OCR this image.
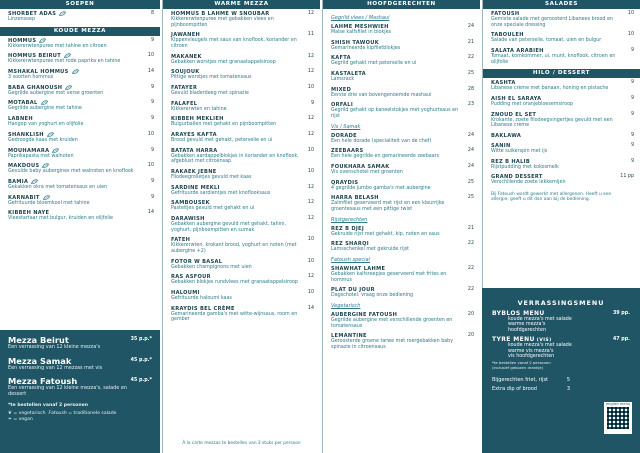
SOEPEN
SHORBET ADAS
Linzensoep
8
KOUDE MEZZA
HOMMUS
Kikkererwtenpuree met tahine en citroen
9
HOMMUS BEIRUT
Kikkererwtenpuree met rode paprika en tahine
10
MSHAKAL HOMMUS
3 soorten hommus
14
BABA GHANOUSH
Gegrilde aubergine met verse groenten
9
MOTABAL
Gegrilde aubergine met tahine
9
LABNEH
Hangop van yoghurt en olijfolie
9
SHANKLISH
Gedroogde kaas met kruiden
10
MOUHAMARA
Paprikapasta met walnoten
9
MAKDOUS
Gevulde baby aubergines met walnoten en knoflook
10
BAMIA
Gekakken okra met tomatensaus en uien
9
KARNABIT
Gefrituurde bloemkool met tahine
9
KIBBEH NAYE
Vleestartaar met bulgur, kruiden en olijfolie
14
Mezza Beirut
Een verrassing van 12 kleine mezza's
35 p.p.*
Mezza Samak
Een verrassing van 12 mezzas met vis
45 p.p.*
Mezza Fatoush
Een verrassing van 12 kleine mezza's, salade en dessert
45 p.p.*
*te bestellen vanaf 2 personen
❦ = vegetarisch Fatoush = traditionele salade
❧ = vegan
WARME MEZZA
HOMMUS B LAHME W SNOUBAR
Kikkererwtenpuree met gebakken vlees en pijnboompitten
12
JAWANEH
Kippenvleugels met saus van knoflook, koriander en citroen
11
MAKANEK
Gebakken worstjes met granaatappelsiroop
12
SOUJOUK
Pittige worstjes met tomatensaus
12
FATAYER
Gevuld bladerdeeg met spinazie
10
FALAFEL
Kikkererwten en tahine
9
KIBBEH MEKLIEH
Bulgurballen met gehakt en pijnboompitten
12
ARAYES KAFTA
Brood gevuld met gehakt, peterselie en ui
12
BATATA HARRA
Gebakken aardappelblokjes in koriander en knoflook, afgeblust met citroensap
10
RAKAEK JEBNE
Filodeegrolletjes gevuld met kaas
10
SARDINE MEKLI
Gefrituurde sardientjes met knoflooksaus
12
SAMBOUSEK
Pasteitjes gevuld met gehakt en ui
12
DARAWISH
Gebakken aubergine gevuld met gehakt, tahini, yoghurt, pijnboompitten en sumak
12
FATEH
Kikkererwten, krokant brood, yoghurt en noten (met aubergine +2)
10
FOTOR W BASAL
Gebakken champignons met uien
10
RAS ASFOUR
Gebakken blokjes rundvlees met granaatappelsiroop
12
HALOUMI
Gefrituurde haloumi kaas
10
KRAYDIS BEL CRÈME
Gemarineerde gamba's met witte-wijnsaus, room en gember
14
À la carte mezzas te bestellen van 3 stuks per persoon
HOOFDGERECHTEN
Gegrild vlees / Mashaui
LAHME MESHWIEH
Malse kalfsfilet in blokjes
24
SHISH TAWOUK
Gemarineerde kipfiletblokjes
21
KAFTA
Gegrild gehakt met peterselie en ui
22
KASTALETA
Lamsrack
25
MIXED
Eerste drie van bovengenoemde mashaui
28
ORFALI
Gegrild gehakt op kaneelstokjes met yoghurtsaus en rijst
23
Vis / Samak
DORADE
Een hele dorade (specialiteit van de chef)
24
ZEEBAARS
Een hele gegrilde en gemarineerde zeebaars
24
FOUKHARA SAMAK
Vis ovenschotel met groenten
24
QRAYDIS
4 gegrilde jumbo gamba's met aubergine
25
HARRA BELASH
Zalmfilet geserveerd met rijst en een kleurrijke groentesaus met een pittige twist
25
Rijstgerechten
REZ B DJEJ
Gekruide rijst met gehakt, kip, noten en saus
21
REZ SHARQI
Lamsschenkel met gekruide rijst
22
Fatoush special
SHAWHAT LAHME
Gebakken kalfsreepjes geserveerd met frites en hommus
22
PLAT DU JOUR
Dagschotel: vraag onze bediening
22
Vegetarisch
AUBERGINE FATOUSH
Gegrilde aubergine met verschillende groenten en tomatensaus
20
LEMANTINE
Geroosterde groene tarwe met roergebakken baby spinazie in citroensaus
20
SALADES
FATOUSH
Gemixte salade met geroosterd Libanees brood en onze speciale dressing
10
TABOULEH
Salade van peterselie, tomaat, uien en bulgur
10
SALATA ARABIEH
Tomaat, komkommer, ui, munt, knoflook, citroen en olijfolie
9
HILO / DESSERT
KASHTA
Libanese crème met banaan, honing en pistache
9
AISH EL SARAYA
Pudding met oranjebloesemsiroop
9
ZNOUD EL SET
Krokante, zoete filodeegvingertjes gevuld met een Libanese crème
9
BAKLAWA	9
SANIN
Witte suikerspin met ijs
9
REZ B HALIB
Rijstpudding met kokosmelk
9
GRAND DESSERT
Verschillende zoete lekkernijen
11 pp
Bij Fatoush wordt gewerkt met allergenen. Heeft u een allergie, geeft u dit dan aan bij de bediening.
VERRASSINGSMENU
BYBLOS MENU	39 pp.
koude mezza's met salade
warme mezza's
hoofdgerechten
TYRE MENU (VIS)	47 pp.
koude mezza's met salade
warme vis mezza's
vis hoofdgerechten
*te bestellen vanaf 2 personen
(inclusief gekozen drankje)
Bijgerechten friet, rijst	5
Extra dip of brood	3
english menu
